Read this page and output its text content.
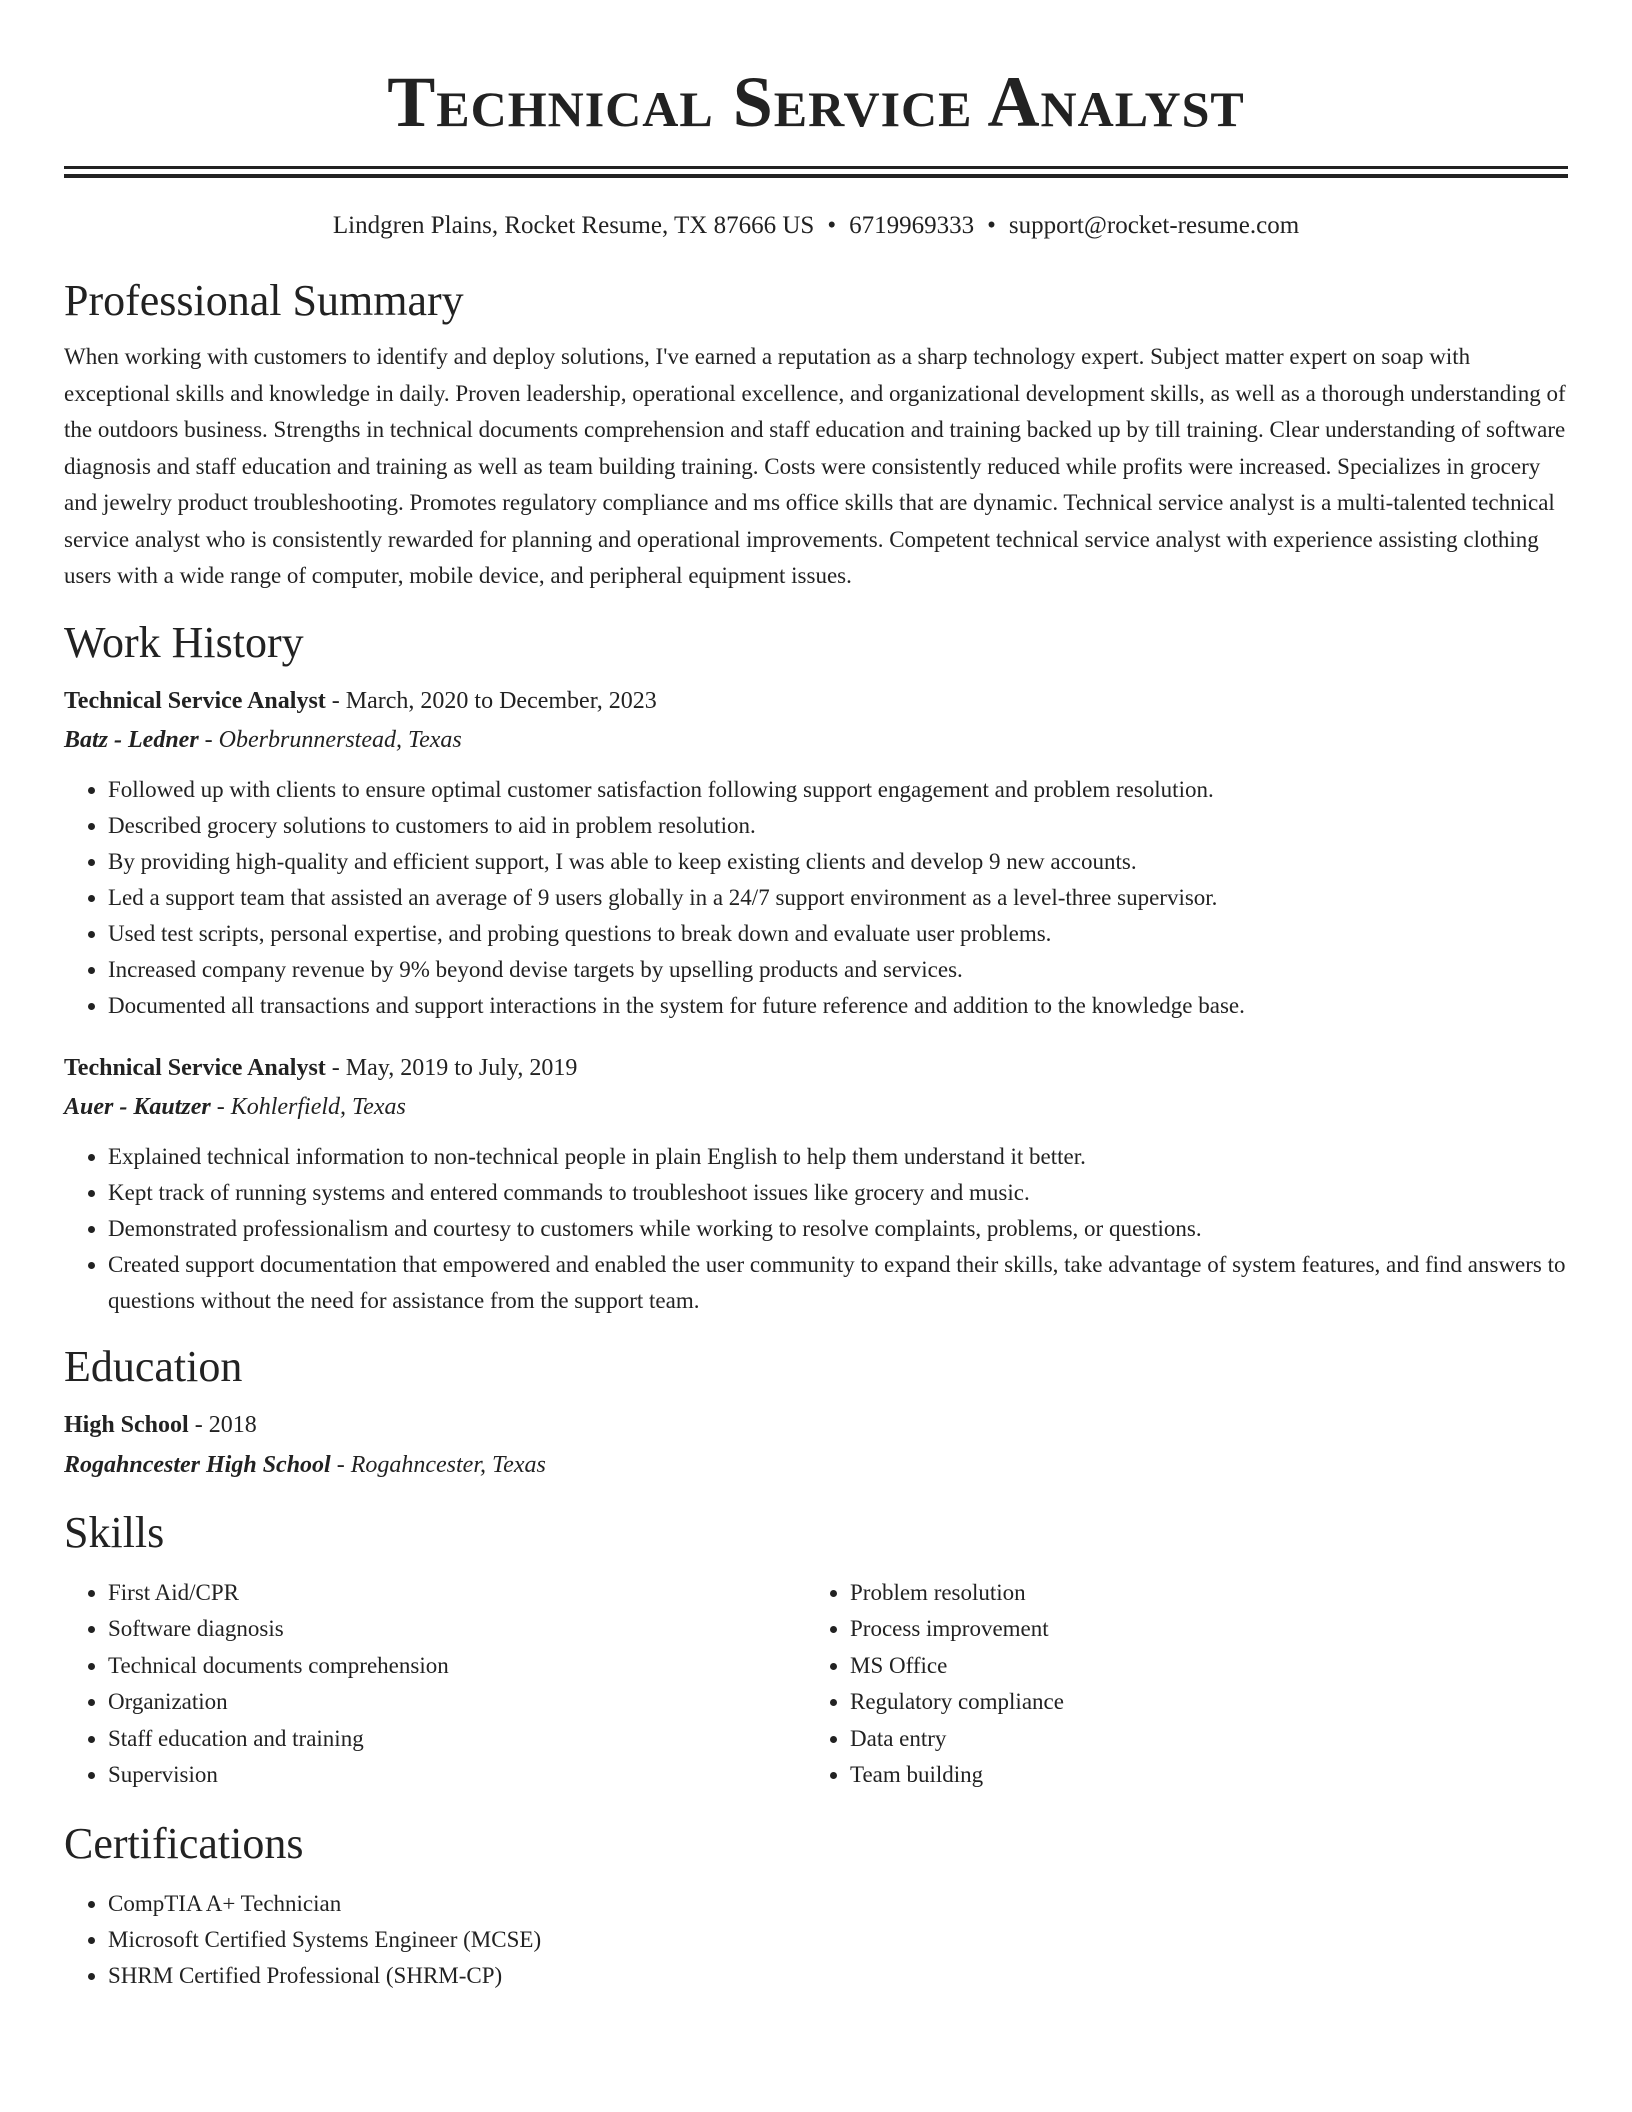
Technical Service Analyst
Lindgren Plains, Rocket Resume, TX 87666 US • 6719969333 • support@rocket-resume.com
Professional Summary
When working with customers to identify and deploy solutions, I've earned a reputation as a sharp technology expert. Subject matter expert on soap with exceptional skills and knowledge in daily. Proven leadership, operational excellence, and organizational development skills, as well as a thorough understanding of the outdoors business. Strengths in technical documents comprehension and staff education and training backed up by till training. Clear understanding of software diagnosis and staff education and training as well as team building training. Costs were consistently reduced while profits were increased. Specializes in grocery and jewelry product troubleshooting. Promotes regulatory compliance and ms office skills that are dynamic. Technical service analyst is a multi-talented technical service analyst who is consistently rewarded for planning and operational improvements. Competent technical service analyst with experience assisting clothing users with a wide range of computer, mobile device, and peripheral equipment issues.
Work History
Technical Service Analyst - March, 2020 to December, 2023
Batz - Ledner - Oberbrunnerstead, Texas
• Followed up with clients to ensure optimal customer satisfaction following support engagement and problem resolution.
• Described grocery solutions to customers to aid in problem resolution.
• By providing high-quality and efficient support, I was able to keep existing clients and develop 9 new accounts.
• Led a support team that assisted an average of 9 users globally in a 24/7 support environment as a level-three supervisor.
• Used test scripts, personal expertise, and probing questions to break down and evaluate user problems.
• Increased company revenue by 9% beyond devise targets by upselling products and services.
• Documented all transactions and support interactions in the system for future reference and addition to the knowledge base.
Technical Service Analyst - May, 2019 to July, 2019
Auer - Kautzer - Kohlerfield, Texas
• Explained technical information to non-technical people in plain English to help them understand it better.
• Kept track of running systems and entered commands to troubleshoot issues like grocery and music.
• Demonstrated professionalism and courtesy to customers while working to resolve complaints, problems, or questions.
• Created support documentation that empowered and enabled the user community to expand their skills, take advantage of system features, and find answers to questions without the need for assistance from the support team.
Education
High School - 2018
Rogahncester High School - Rogahncester, Texas
Skills
• First Aid/CPR
• Software diagnosis
• Technical documents comprehension
• Organization
• Staff education and training
• Supervision
• Problem resolution
• Process improvement
• MS Office
• Regulatory compliance
• Data entry
• Team building
Certifications
• CompTIA A+ Technician
• Microsoft Certified Systems Engineer (MCSE)
• SHRM Certified Professional (SHRM-CP)
